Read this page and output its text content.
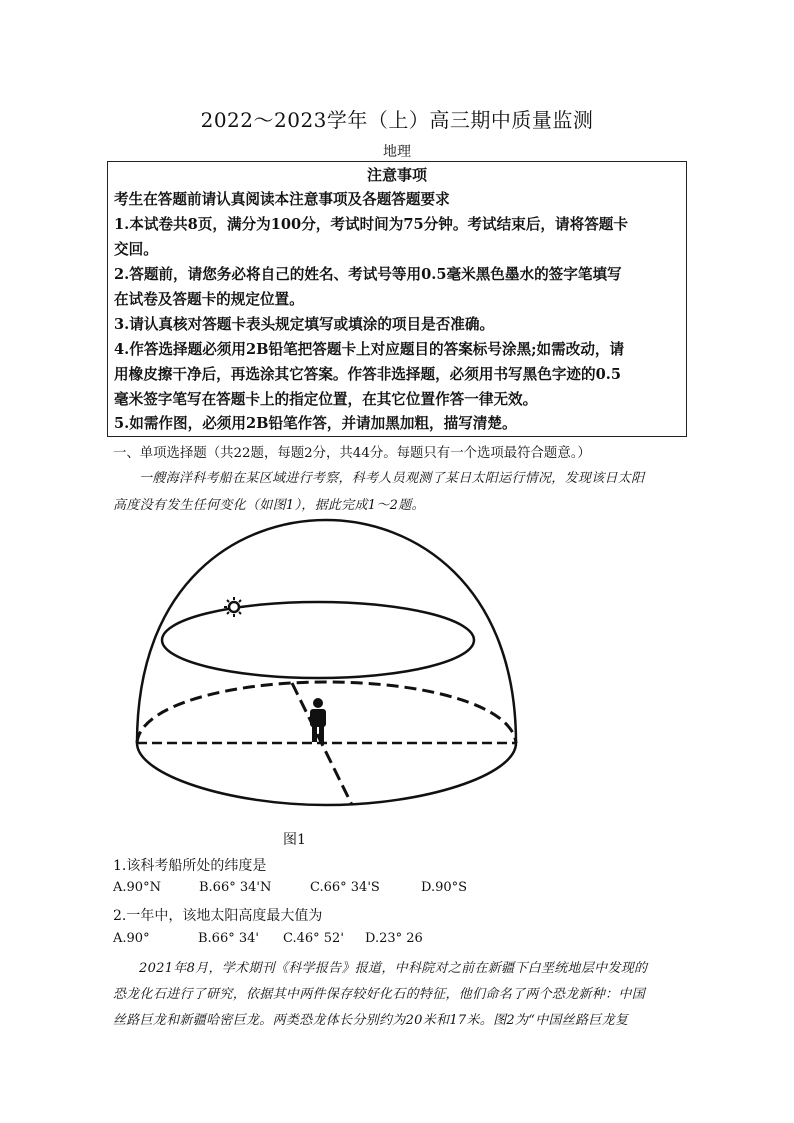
2022～2023学年（上）高三期中质量监测
地理
注意事项
考生在答题前请认真阅读本注意事项及各题答题要求
1.本试卷共8页，满分为100分，考试时间为75分钟。考试结束后，请将答题卡
交回。
2.答题前，请您务必将自己的姓名、考试号等用0.5毫米黑色墨水的签字笔填写
在试卷及答题卡的规定位置。
3.请认真核对答题卡表头规定填写或填涂的项目是否准确。
4.作答选择题必须用2B铅笔把答题卡上对应题目的答案标号涂黑;如需改动，请
用橡皮擦干净后，再选涂其它答案。作答非选择题，必须用书写黑色字迹的0.5
毫米签字笔写在答题卡上的指定位置，在其它位置作答一律无效。
5.如需作图，必须用2B铅笔作答，并请加黑加粗，描写清楚。
一、单项选择题（共22题，每题2分，共44分。每题只有一个选项最符合题意。）
一艘海洋科考船在某区域进行考察，科考人员观测了某日太阳运行情况，发现该日太阳
高度没有发生任何变化（如图1），据此完成1～2题。
图1
1.该科考船所处的纬度是
A.90°N	B.66° 34'N	C.66° 34'S	D.90°S
2.一年中，该地太阳高度最大值为
A.90°	B.66° 34' C.46° 52' D.23° 26
2021年8月，学术期刊《科学报告》报道，中科院对之前在新疆下白垩统地层中发现的
恐龙化石进行了研究，依据其中两件保存较好化石的特征，他们命名了两个恐龙新种：中国
丝路巨龙和新疆哈密巨龙。两类恐龙体长分别约为20米和17米。图2为“中国丝路巨龙复
